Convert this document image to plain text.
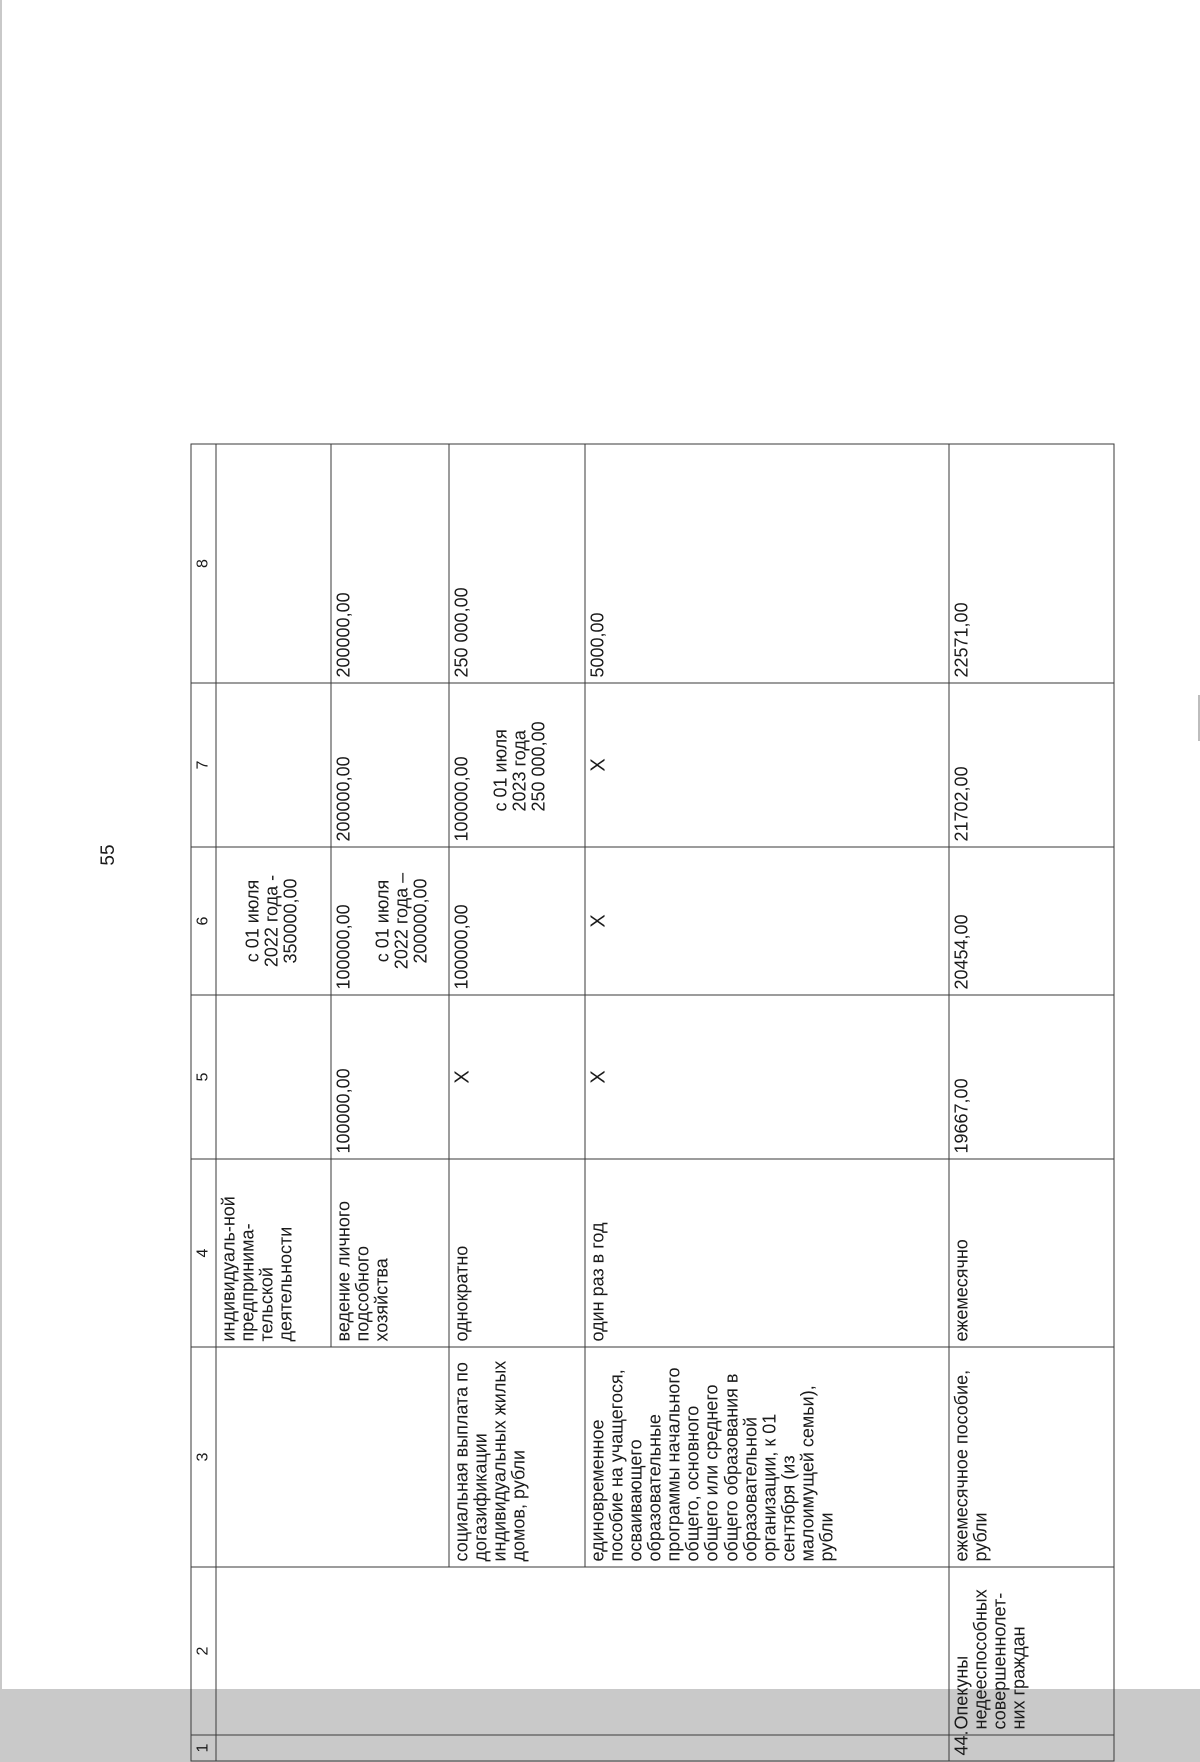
55
1	2	3	4	5	6	7	8
			индивидуаль-ной предпринима-тельской деятельности		с 01 июля 2022 года - 350000,00		

			ведение личного подсобного хозяйства	100000,00	100000,00 с 01 июля 2022 года – 200000,00	200000,00	200000,00
		социальная выплата по догазификации индивидуальных жилых домов, рубли	однократно	X	100000,00	100000,00 с 01 июля 2023 года 250 000,00	250 000,00
		единовременное пособие на учащегося, осваивающего образовательные программы начального общего, основного общего или среднего общего образования в образовательной организации, к 01 сентября (из малоимущей семьи), рубли	один раз в год	X	X	X	5000,00
44.	Опекуны недееспособных совершеннолет-них граждан	ежемесячное пособие, рубли	ежемесячно	19667,00	20454,00	21702,00	22571,00
